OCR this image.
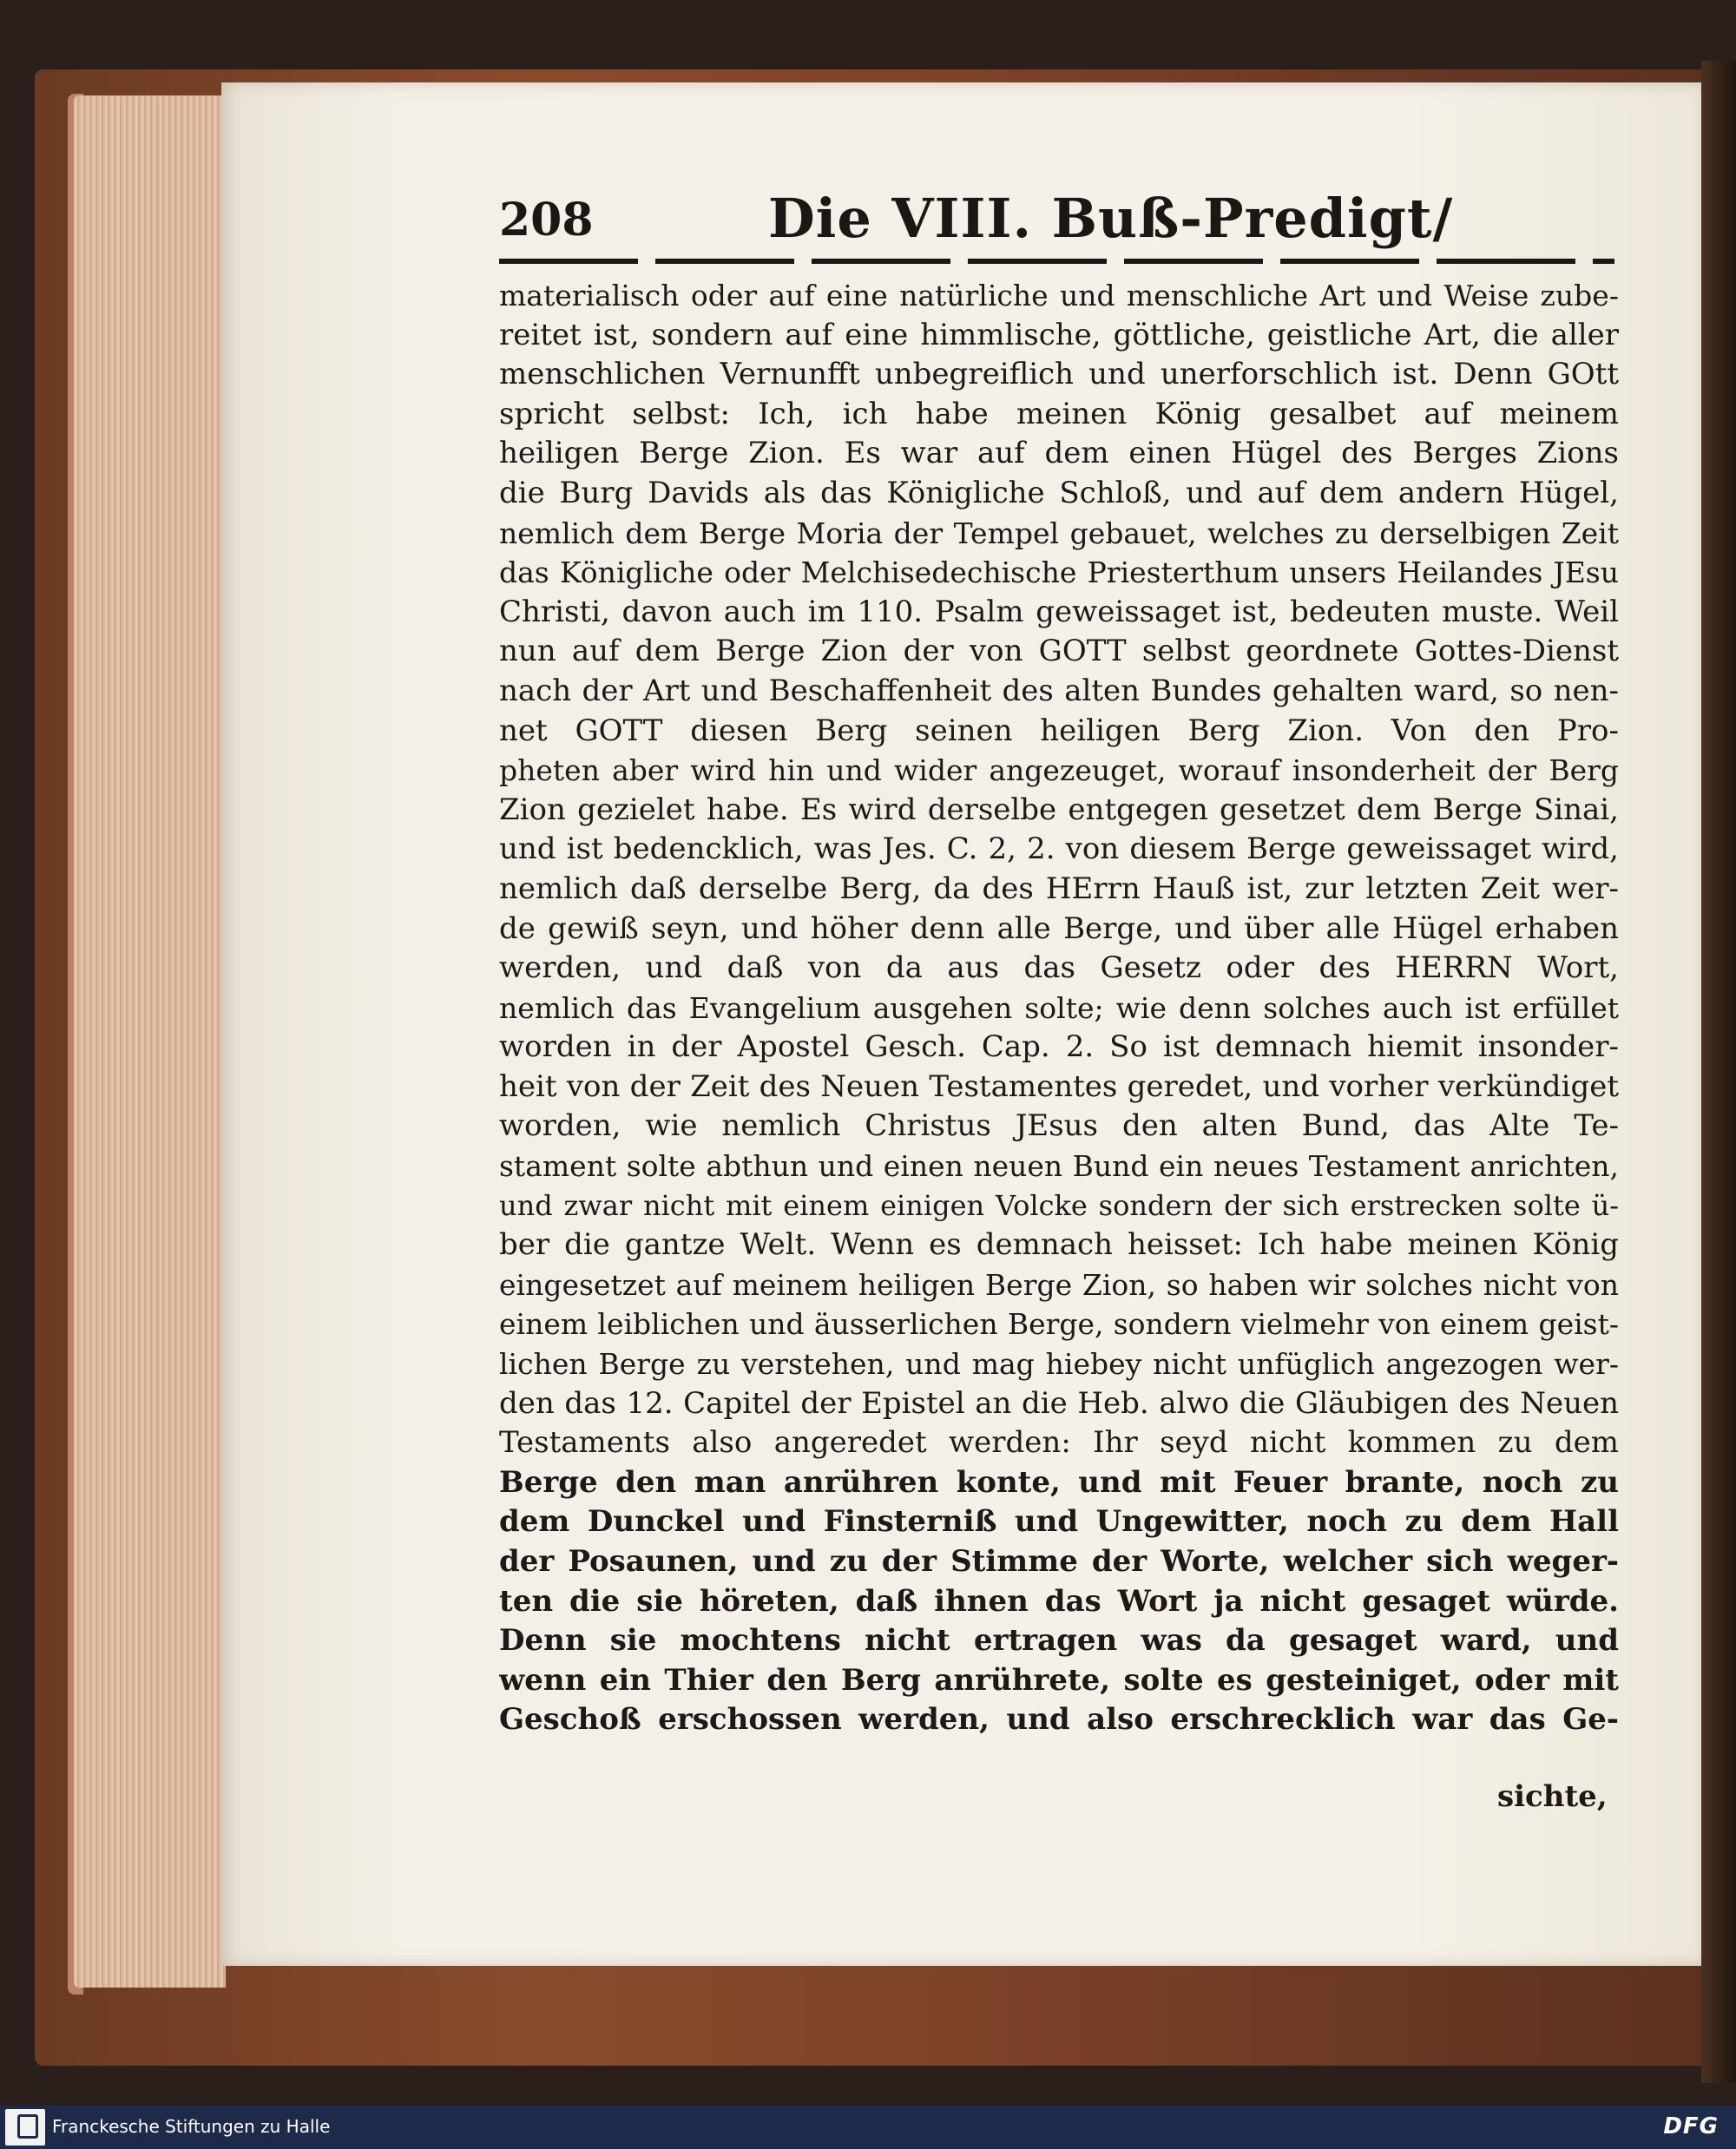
208	Die VIII. Buß-Predigt/
materialisch oder auf eine natürliche und menschliche Art und Weise zube-
reitet ist, sondern auf eine himmlische, göttliche, geistliche Art, die aller
menschlichen Vernunfft unbegreiflich und unerforschlich ist. Denn GOtt
spricht selbst: Ich, ich habe meinen König gesalbet auf meinem
heiligen Berge Zion. Es war auf dem einen Hügel des Berges Zions
die Burg Davids als das Königliche Schloß, und auf dem andern Hügel,
nemlich dem Berge Moria der Tempel gebauet, welches zu derselbigen Zeit
das Königliche oder Melchisedechische Priesterthum unsers Heilandes JEsu
Christi, davon auch im 110. Psalm geweissaget ist, bedeuten muste. Weil
nun auf dem Berge Zion der von GOTT selbst geordnete Gottes-Dienst
nach der Art und Beschaffenheit des alten Bundes gehalten ward, so nen-
net GOTT diesen Berg seinen heiligen Berg Zion. Von den Pro-
pheten aber wird hin und wider angezeuget, worauf insonderheit der Berg
Zion gezielet habe. Es wird derselbe entgegen gesetzet dem Berge Sinai,
und ist bedencklich, was Jes. C. 2, 2. von diesem Berge geweissaget wird,
nemlich daß derselbe Berg, da des HErrn Hauß ist, zur letzten Zeit wer-
de gewiß seyn, und höher denn alle Berge, und über alle Hügel erhaben
werden, und daß von da aus das Gesetz oder des HERRN Wort,
nemlich das Evangelium ausgehen solte; wie denn solches auch ist erfüllet
worden in der Apostel Gesch. Cap. 2. So ist demnach hiemit insonder-
heit von der Zeit des Neuen Testamentes geredet, und vorher verkündiget
worden, wie nemlich Christus JEsus den alten Bund, das Alte Te-
stament solte abthun und einen neuen Bund ein neues Testament anrichten,
und zwar nicht mit einem einigen Volcke sondern der sich erstrecken solte ü-
ber die gantze Welt. Wenn es demnach heisset: Ich habe meinen König
eingesetzet auf meinem heiligen Berge Zion, so haben wir solches nicht von
einem leiblichen und äusserlichen Berge, sondern vielmehr von einem geist-
lichen Berge zu verstehen, und mag hiebey nicht unfüglich angezogen wer-
den das 12. Capitel der Epistel an die Heb. alwo die Gläubigen des Neuen
Testaments also angeredet werden: Ihr seyd nicht kommen zu dem
Berge den man anrühren konte, und mit Feuer brante, noch zu
dem Dunckel und Finsterniß und Ungewitter, noch zu dem Hall
der Posaunen, und zu der Stimme der Worte, welcher sich weger-
ten die sie höreten, daß ihnen das Wort ja nicht gesaget würde.
Denn sie mochtens nicht ertragen was da gesaget ward, und
wenn ein Thier den Berg anrührete, solte es gesteiniget, oder mit
Geschoß erschossen werden, und also erschrecklich war das Ge-
sichte,
Franckesche Stiftungen zu Halle	DFG
